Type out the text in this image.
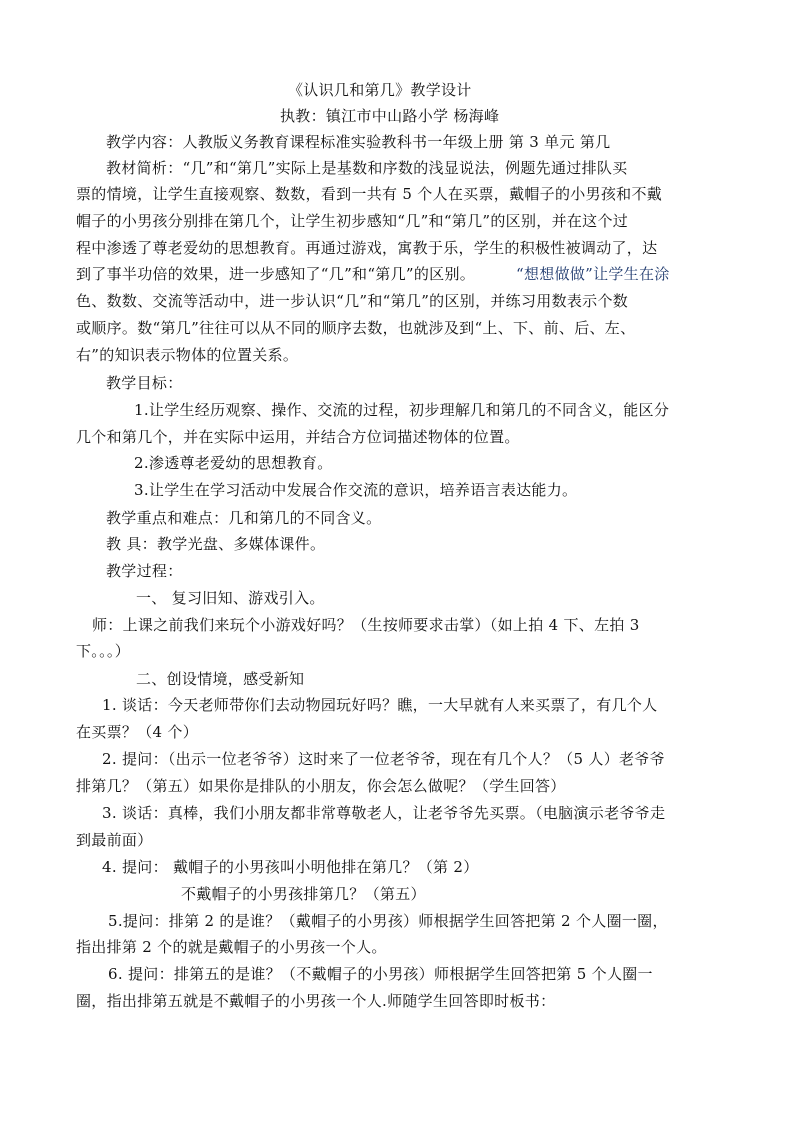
《认识几和第几》教学设计
执教：镇江市中山路小学 杨海峰
教学内容：人教版义务教育课程标准实验教科书一年级上册 第 3 单元 第几
教材简析：“几”和“第几”实际上是基数和序数的浅显说法，例题先通过排队买
票的情境，让学生直接观察、数数，看到一共有 5 个人在买票，戴帽子的小男孩和不戴
帽子的小男孩分别排在第几个，让学生初步感知“几”和“第几”的区别，并在这个过
程中渗透了尊老爱幼的思想教育。再通过游戏，寓教于乐，学生的积极性被调动了，达
到了事半功倍的效果，进一步感知了“几”和“第几”的区别。	“想想做做”让学生在涂
色、数数、交流等活动中，进一步认识“几”和“第几”的区别，并练习用数表示个数
或顺序。数“第几”往往可以从不同的顺序去数，也就涉及到“上、下、前、后、左、
右”的知识表示物体的位置关系。
教学目标：
1.让学生经历观察、操作、交流的过程，初步理解几和第几的不同含义，能区分
几个和第几个，并在实际中运用，并结合方位词描述物体的位置。
2.渗透尊老爱幼的思想教育。
3.让学生在学习活动中发展合作交流的意识，培养语言表达能力。
教学重点和难点：几和第几的不同含义。
教 具：教学光盘、多媒体课件。
教学过程：
一、 复习旧知、游戏引入。
师：上课之前我们来玩个小游戏好吗？（生按师要求击掌）（如上拍 4 下、左拍 3
下。。。）
二、创设情境，感受新知
1. 谈话：今天老师带你们去动物园玩好吗？瞧，一大早就有人来买票了，有几个人
在买票？（4 个）
2. 提问：（出示一位老爷爷）这时来了一位老爷爷，现在有几个人？（5 人）老爷爷
排第几？（第五）如果你是排队的小朋友，你会怎么做呢？（学生回答）
3. 谈话：真棒，我们小朋友都非常尊敬老人，让老爷爷先买票。（电脑演示老爷爷走
到最前面）
4. 提问： 戴帽子的小男孩叫小明他排在第几？（第 2）
不戴帽子的小男孩排第几？（第五）
5.提问：排第 2 的是谁？（戴帽子的小男孩）师根据学生回答把第 2 个人圈一圈，
指出排第 2 个的就是戴帽子的小男孩一个人。
6. 提问：排第五的是谁？（不戴帽子的小男孩）师根据学生回答把第 5 个人圈一
圈，指出排第五就是不戴帽子的小男孩一个人.师随学生回答即时板书：
